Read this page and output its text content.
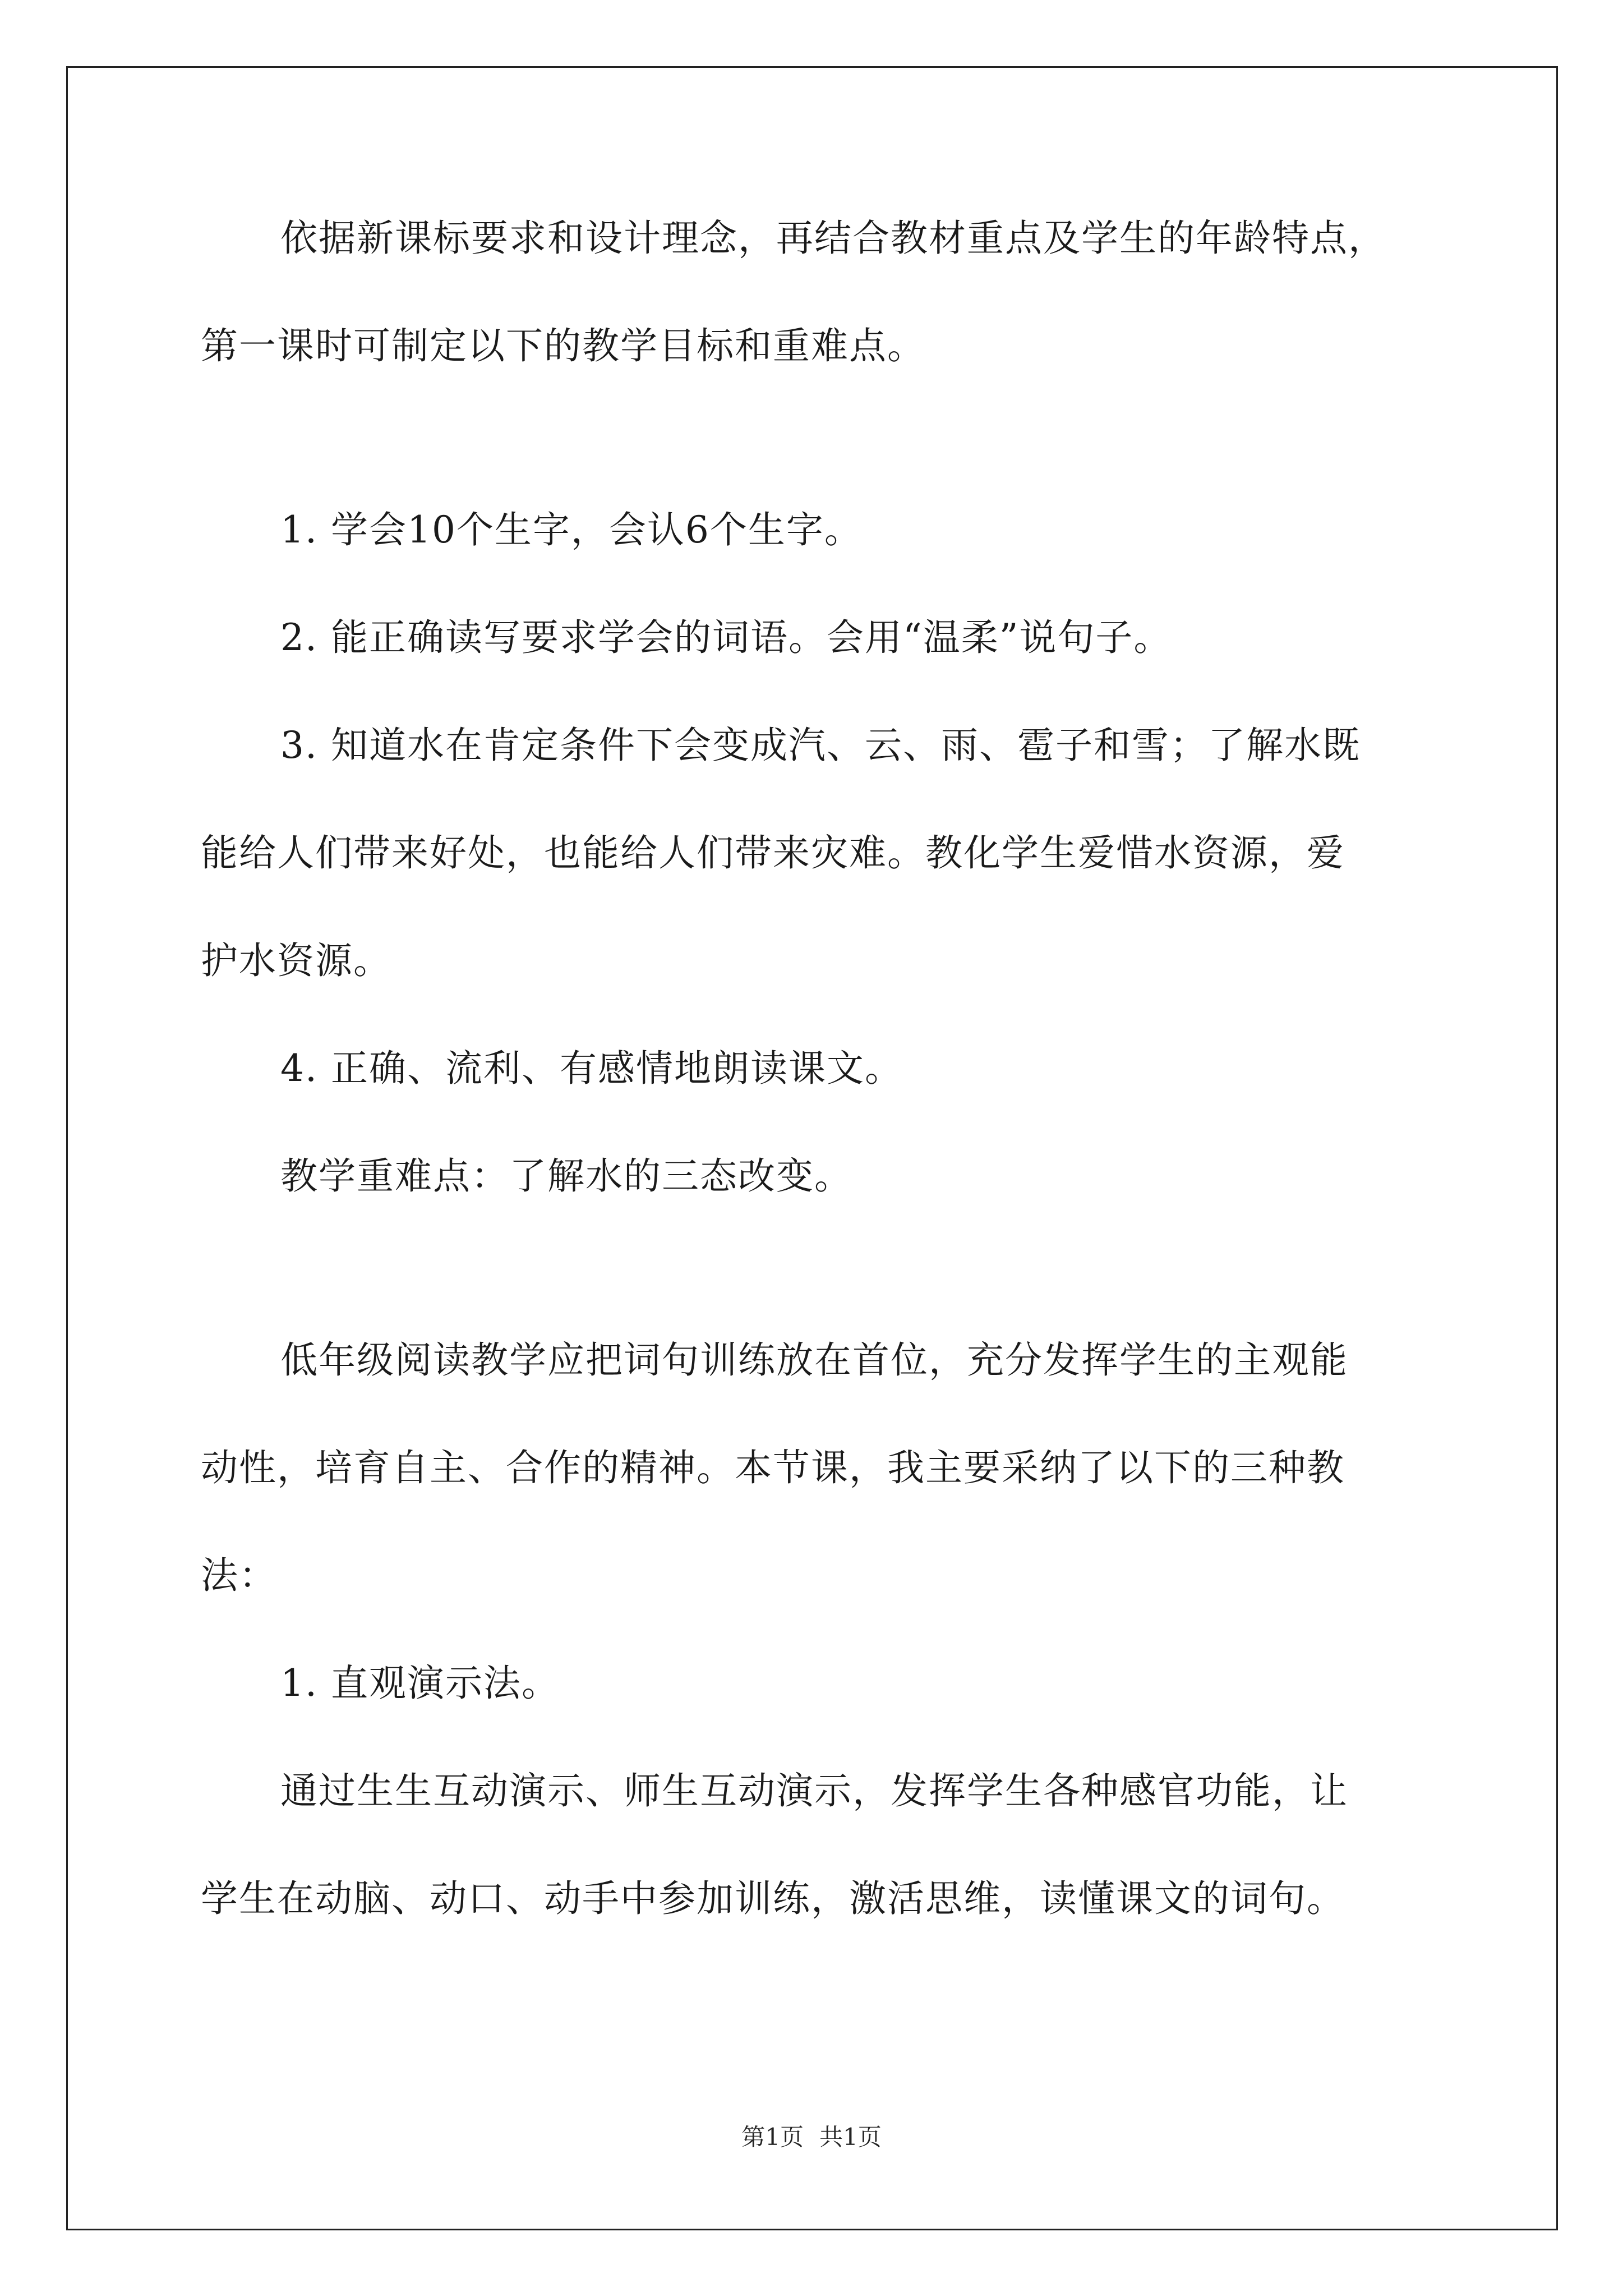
依据新课标要求和设计理念，再结合教材重点及学生的年龄特点，
第一课时可制定以下的教学目标和重难点。
1. 学会10个生字，会认6个生字。
2. 能正确读写要求学会的词语。会用“温柔”说句子。
3. 知道水在肯定条件下会变成汽、云、雨、雹子和雪；了解水既
能给人们带来好处，也能给人们带来灾难。教化学生爱惜水资源，爱
护水资源。
4. 正确、流利、有感情地朗读课文。
教学重难点：了解水的三态改变。
低年级阅读教学应把词句训练放在首位，充分发挥学生的主观能
动性，培育自主、合作的精神。本节课，我主要采纳了以下的三种教
法：
1. 直观演示法。
通过生生互动演示、师生互动演示，发挥学生各种感官功能，让
学生在动脑、动口、动手中参加训练，激活思维，读懂课文的词句。
第1页 共1页
